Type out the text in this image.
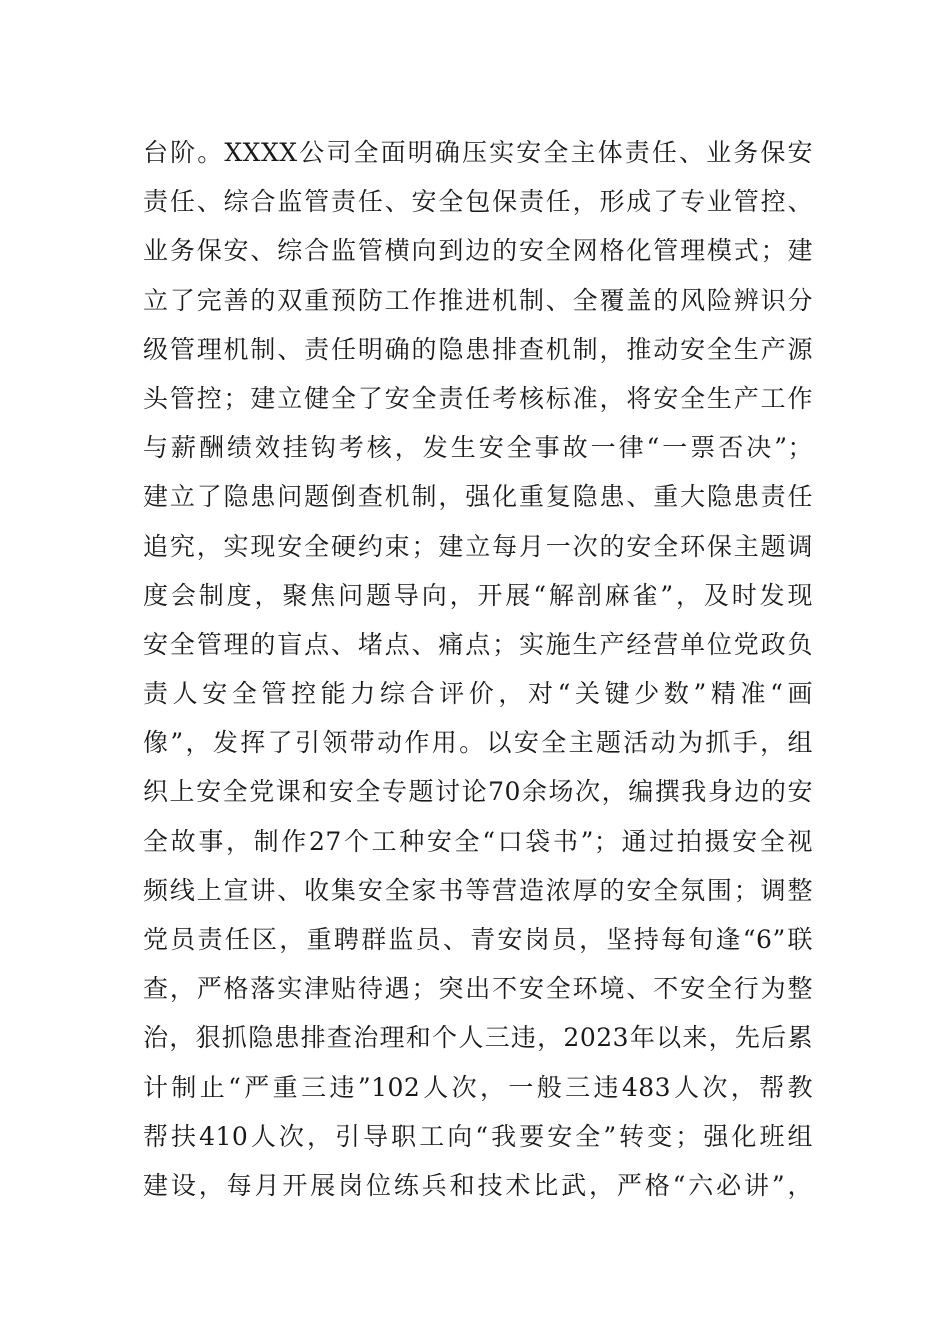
台阶。XXXX公司全面明确压实安全主体责任、业务保安
责任、综合监管责任、安全包保责任，形成了专业管控、
业务保安、综合监管横向到边的安全网格化管理模式；建
立了完善的双重预防工作推进机制、全覆盖的风险辨识分
级管理机制、责任明确的隐患排查机制，推动安全生产源
头管控；建立健全了安全责任考核标准，将安全生产工作
与薪酬绩效挂钩考核，发生安全事故一律“一票否决”；
建立了隐患问题倒查机制，强化重复隐患、重大隐患责任
追究，实现安全硬约束；建立每月一次的安全环保主题调
度会制度，聚焦问题导向，开展“解剖麻雀”，及时发现
安全管理的盲点、堵点、痛点；实施生产经营单位党政负
责人安全管控能力综合评价，对“关键少数”精准“画
像”，发挥了引领带动作用。以安全主题活动为抓手，组
织上安全党课和安全专题讨论70余场次，编撰我身边的安
全故事，制作27个工种安全“口袋书”；通过拍摄安全视
频线上宣讲、收集安全家书等营造浓厚的安全氛围；调整
党员责任区，重聘群监员、青安岗员，坚持每旬逢“6”联
查，严格落实津贴待遇；突出不安全环境、不安全行为整
治，狠抓隐患排查治理和个人三违，2023年以来，先后累
计制止“严重三违”102人次，一般三违483人次，帮教
帮扶410人次，引导职工向“我要安全”转变；强化班组
建设，每月开展岗位练兵和技术比武，严格“六必讲”，
